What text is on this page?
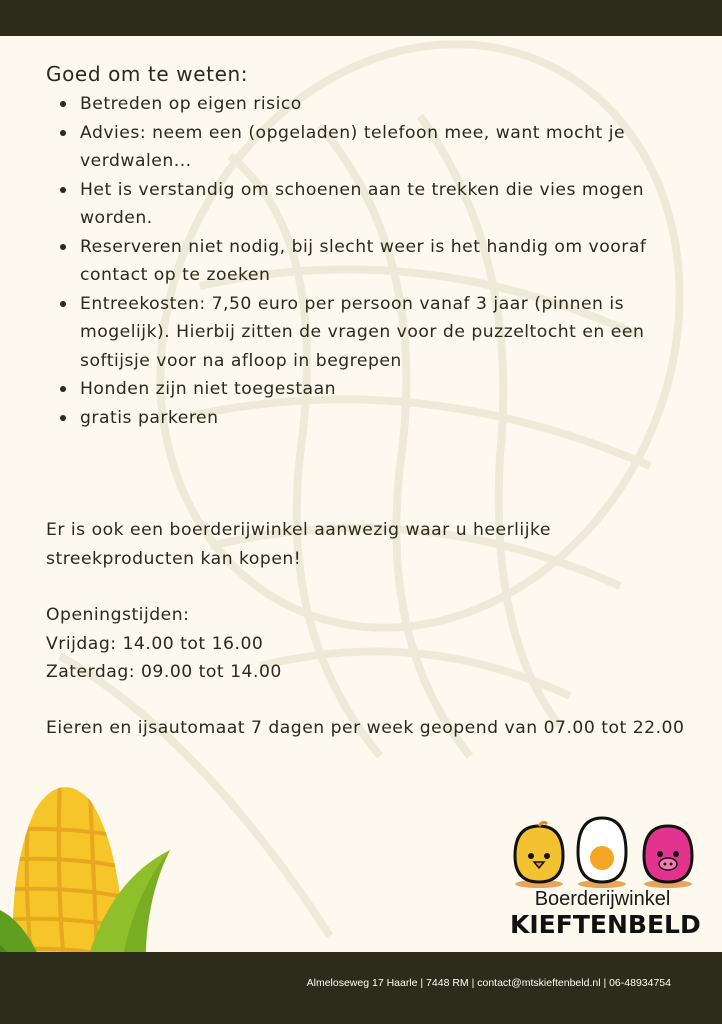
Goed om te weten:
Betreden op eigen risico
Advies: neem een (opgeladen) telefoon mee, want mocht je verdwalen...
Het is verstandig om schoenen aan te trekken die vies mogen worden.
Reserveren niet nodig, bij slecht weer is het handig om vooraf contact op te zoeken
Entreekosten: 7,50 euro per persoon vanaf 3 jaar (pinnen is mogelijk). Hierbij zitten de vragen voor de puzzeltocht en een softijsje voor na afloop in begrepen
Honden zijn niet toegestaan
gratis parkeren

Er is ook een boerderijwinkel aanwezig waar u heerlijke streekproducten kan kopen!

Openingstijden:
Vrijdag: 14.00 tot 16.00
Zaterdag: 09.00 tot 14.00

Eieren en ijsautomaat 7 dagen per week geopend van 07.00 tot 22.00

Boerderijwinkel
KIEFTENBELD
Almeloseweg 17 Haarle | 7448 RM | contact@mtskieftenbeld.nl | 06-48934754
